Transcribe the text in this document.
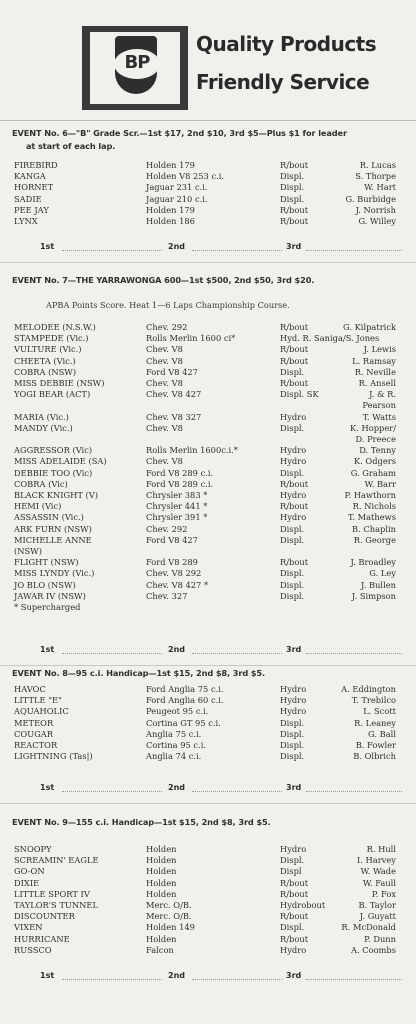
BP
Quality Products
Friendly Service
EVENT No. 6—"B" Grade Scr.—1st $17, 2nd $10, 3rd $5—Plus $1 for leader
at start of each lap.
FIREBIRD	Holden 179	R/bout	R. Lucas
KANGA	Holden V8 253 c.i.	Displ.	S. Thorpe
HORNET	Jaguar 231 c.i.	Displ.	W. Hart
SADIE	Jaguar 210 c.i.	Displ.	G. Burbidge
PEE JAY	Holden 179	R/bout	J. Norrish
LYNX	Holden 186	R/bout	G. Willey
1st	2nd	3rd
EVENT No. 7—THE YARRAWONGA 600—1st $500, 2nd $50, 3rd $20.
APBA Points Score. Heat 1—6 Laps Championship Course.
MELODEE (N.S.W.)	Chev. 292	R/bout	G. Kilpatrick
STAMPEDE (Vic.)	Rolls Merlin 1600 ci*	Hyd. R. Saniga/S. Jones
VULTURE (Vic.)	Chev. V8	R/bout	J. Lewis
CHEETA (Vic.)	Chev. V8	R/bout	L. Ramsay
COBRA (NSW)	Ford V8 427	Displ.	R. Neville
MISS DEBBIE (NSW)	Chev. V8	R/bout	R. Ansell
YOGI BEAR (ACT)	Chev. V8 427	Displ. SK	J. & R.
Pearson
MARIA (Vic.)	Chev. V8 327	Hydro	T. Watts
MANDY (Vic.)	Chev. V8	Displ.	K. Hopper/
D. Preece
AGGRESSOR (Vic)	Rolls Merlin 1600c.i.*	Hydro	D. Tenny
MISS ADELAIDE (SA)	Chev. V8	Hydro	K. Odgers
DEBBIE TOO (Vic)	Ford V8 289 c.i.	Displ.	G. Graham
COBRA (Vic)	Ford V8 289 c.i.	R/bout	W. Barr
BLACK KNIGHT (V)	Chrysler 383 *	Hydro	P. Hawthorn
HEMI (Vic)	Chrysler 441 *	R/bout	R. Nichols
ASSASSIN (Vic.)	Chrysler 391 *	Hydro	T. Mathews
ARK FURN (NSW)	Chev. 292	Displ.	B. Chaplin
MICHELLE ANNE	Ford V8 427	Displ.	R. George
(NSW)
FLIGHT (NSW)	Ford V8 289	R/bout	J. Broadley
MISS LYNDY (Vic.)	Chev. V8 292	Displ.	G. Ley
JO BLO (NSW)	Chev. V8 427 *	Displ.	J. Bullen
JAWAR IV (NSW)	Chev. 327	Displ.	J. Simpson
* Supercharged
1st	2nd	3rd
EVENT No. 8—95 c.i. Handicap—1st $15, 2nd $8, 3rd $5.
HAVOC	Ford Anglia 75 c.i.	Hydro	A. Eddington
LITTLE "E"	Ford Anglia 60 c.i.	Hydro	T. Trebilco
AQUAHOLIC	Peugeot 95 c.i.	Hydro	L. Scott
METEOR	Cortina GT 95 c.i.	Displ.	R. Leaney
COUGAR	Anglia 75 c.i.	Displ.	G. Ball
REACTOR	Cortina 95 c.i.	Displ.	B. Fowler
LIGHTNING (Tas|)	Anglia 74 c.i.	Displ.	B. Olbrich
1st	2nd	3rd
EVENT No. 9—155 c.i. Handicap—1st $15, 2nd $8, 3rd $5.
SNOOPY	Holden	Hydro	R. Hull
SCREAMIN' EAGLE	Holden	Displ.	I. Harvey
GO-ON	Holden	Displ	W. Wade
DIXIE	Holden	R/bout	W. Faull
LITTLE SPORT IV	Holden	R/bout	P. Fox
TAYLOR'S TUNNEL	Merc. O/B.	Hydrobout	B. Taylor
DISCOUNTER	Merc. O/B.	R/bout	J. Guyatt
VIXEN	Holden 149	Displ.	R. McDonald
HURRICANE	Holden	R/bout	P. Dunn
RUSSCO	Falcon	Hydro	A. Coombs
1st	2nd	3rd
